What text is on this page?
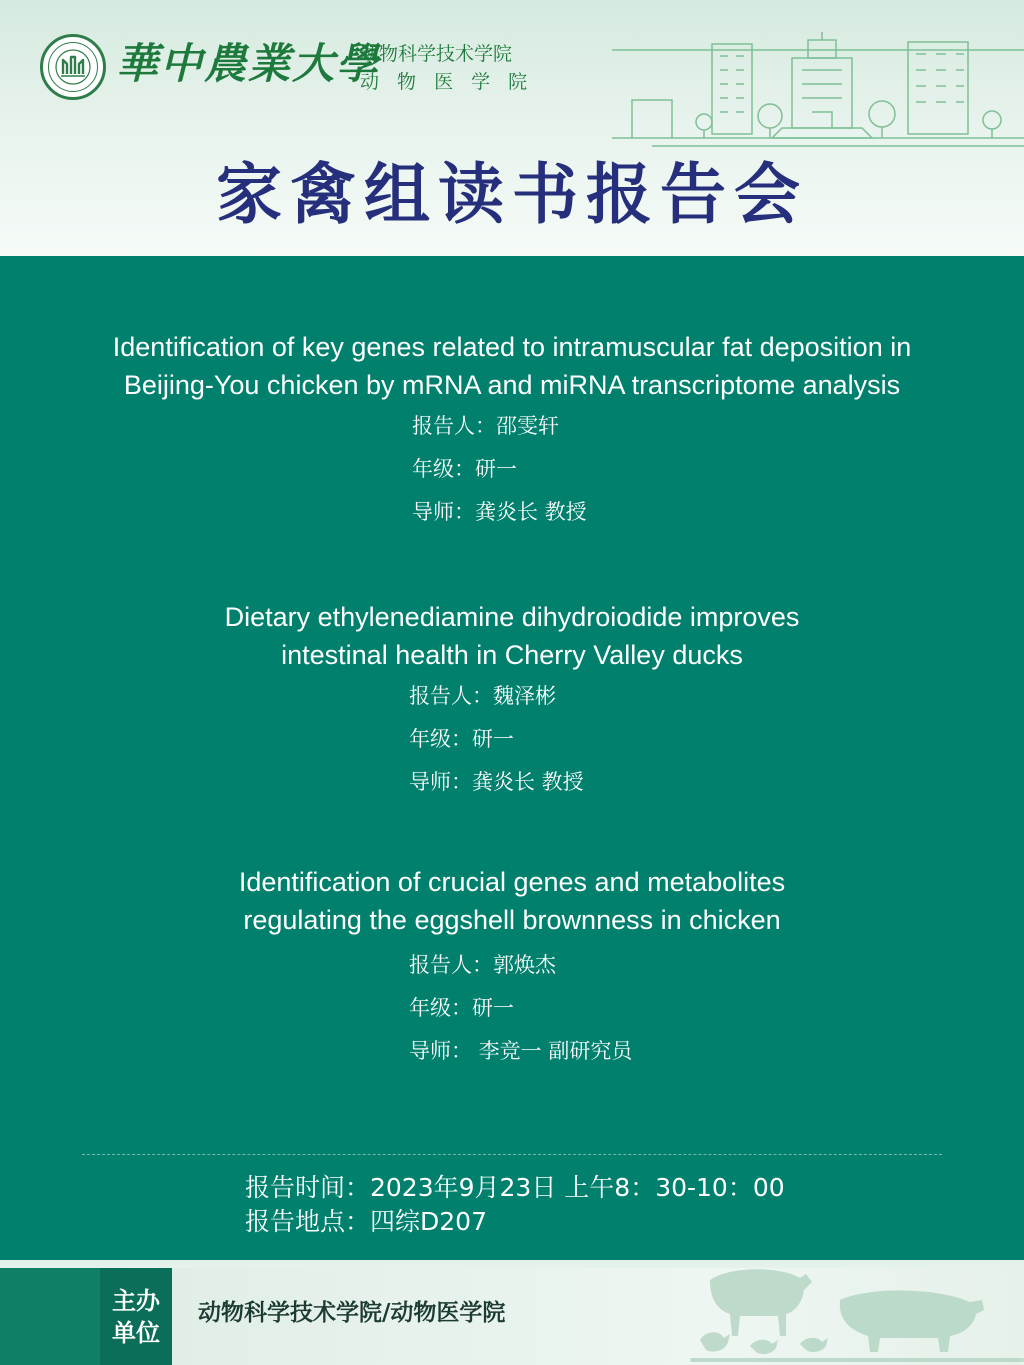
華中農業大學
动物科学技术学院
动 物 医 学 院
家禽组读书报告会
Identification of key genes related to intramuscular fat deposition in
Beijing-You chicken by mRNA and miRNA transcriptome analysis
报告人：邵雯轩
年级：研一
导师：龚炎长 教授
Dietary ethylenediamine dihydroiodide improves
intestinal health in Cherry Valley ducks
报告人：魏泽彬
年级：研一
导师：龚炎长 教授
Identification of crucial genes and metabolites
regulating the eggshell brownness in chicken
报告人：郭焕杰
年级：研一
导师： 李竞一 副研究员
报告时间：2023年9月23日 上午8：30-10：00
报告地点：四综D207
主办
单位
动物科学技术学院/动物医学院
